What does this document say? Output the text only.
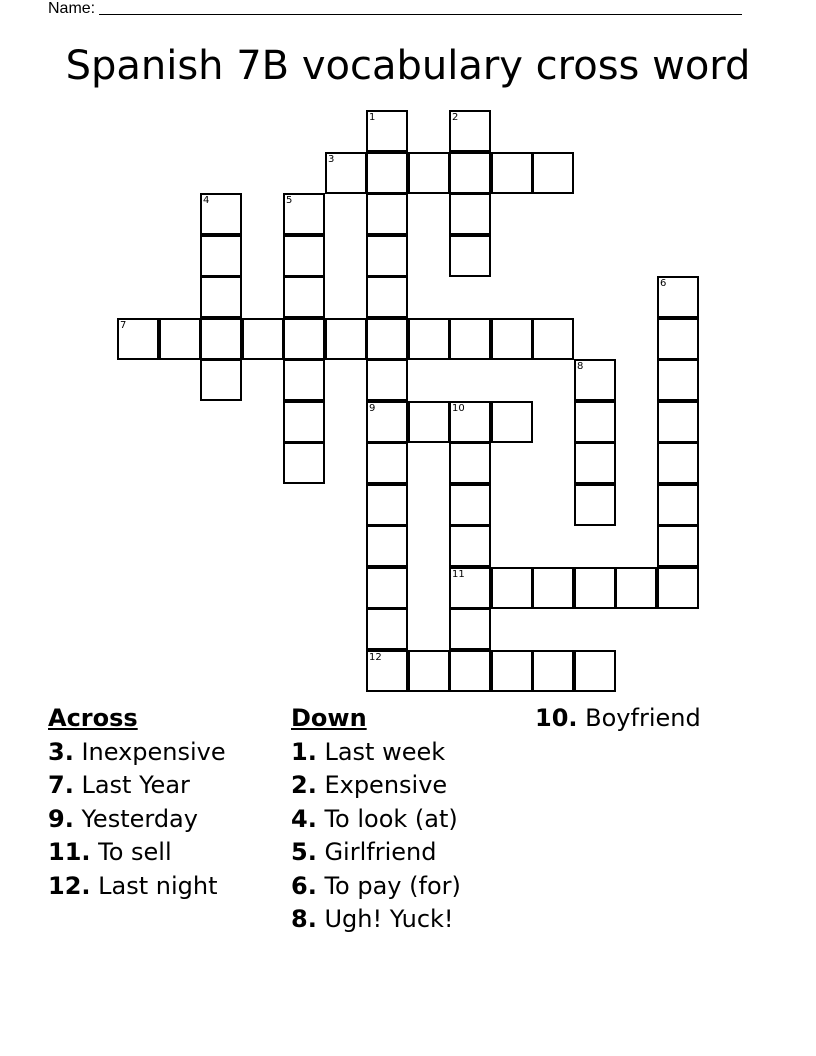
Name:
Spanish 7B vocabulary cross word
1	2
3
4	5
6
7
8
9	10
11
12
Across
3. Inexpensive
7. Last Year
9. Yesterday
11. To sell
12. Last night
Down
1. Last week
2. Expensive
4. To look (at)
5. Girlfriend
6. To pay (for)
8. Ugh! Yuck!
10. Boyfriend
